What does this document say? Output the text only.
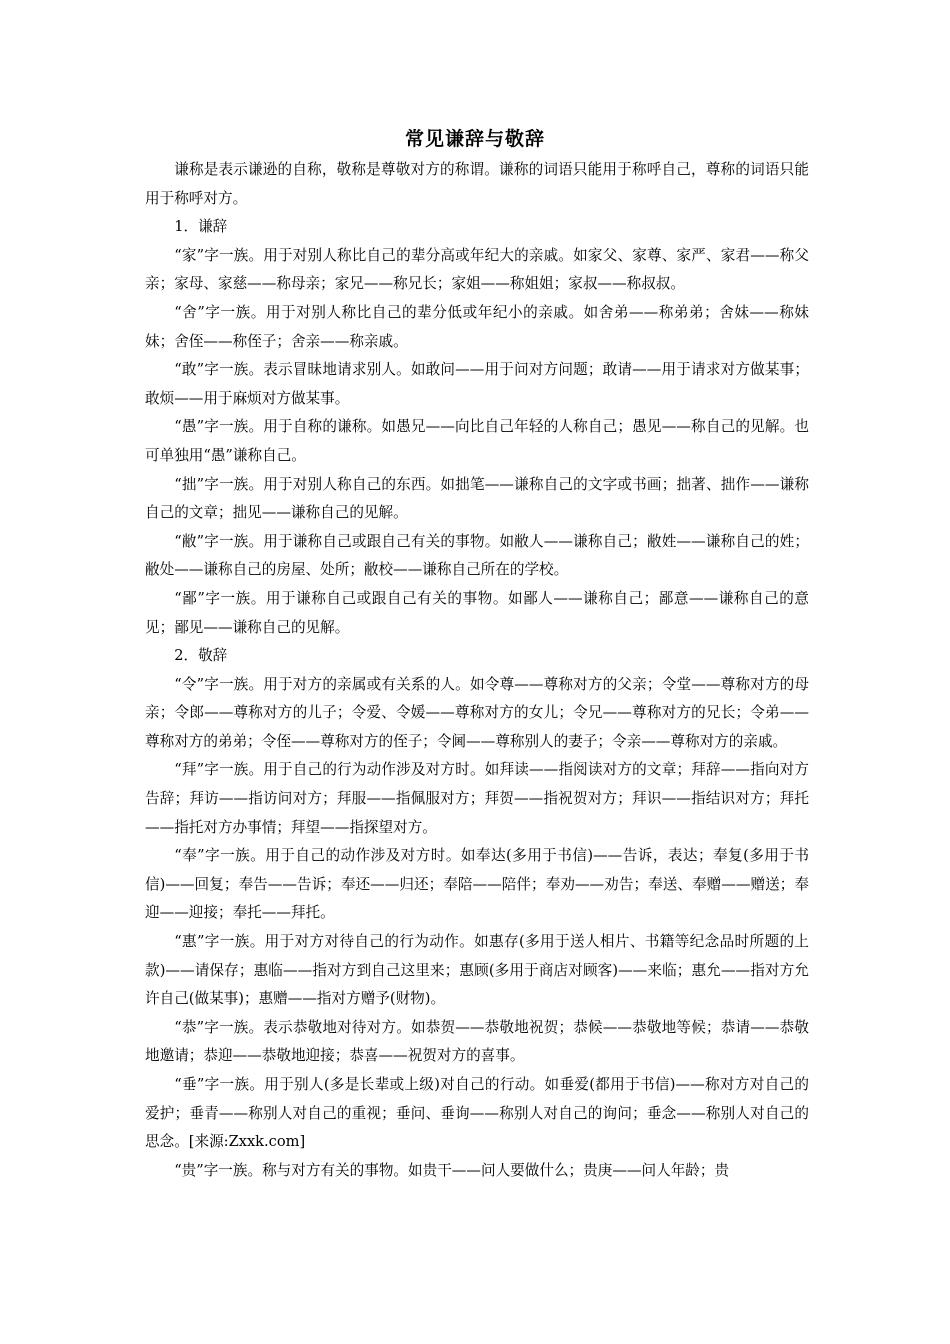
常见谦辞与敬辞

谦称是表示谦逊的自称，敬称是尊敬对方的称谓。谦称的词语只能用于称呼自己，尊称的词语只能用于称呼对方。

1．谦辞

“家”字一族。用于对别人称比自己的辈分高或年纪大的亲戚。如家父、家尊、家严、家君——称父亲；家母、家慈——称母亲；家兄——称兄长；家姐——称姐姐；家叔——称叔叔。

“舍”字一族。用于对别人称比自己的辈分低或年纪小的亲戚。如舍弟——称弟弟；舍妹——称妹妹；舍侄——称侄子；舍亲——称亲戚。

“敢”字一族。表示冒昧地请求别人。如敢问——用于问对方问题；敢请——用于请求对方做某事；敢烦——用于麻烦对方做某事。

“愚”字一族。用于自称的谦称。如愚兄——向比自己年轻的人称自己；愚见——称自己的见解。也可单独用“愚”谦称自己。

“拙”字一族。用于对别人称自己的东西。如拙笔——谦称自己的文字或书画；拙著、拙作——谦称自己的文章；拙见——谦称自己的见解。

“敝”字一族。用于谦称自己或跟自己有关的事物。如敝人——谦称自己；敝姓——谦称自己的姓；敝处——谦称自己的房屋、处所；敝校——谦称自己所在的学校。

“鄙”字一族。用于谦称自己或跟自己有关的事物。如鄙人——谦称自己；鄙意——谦称自己的意见；鄙见——谦称自己的见解。

2．敬辞

“令”字一族。用于对方的亲属或有关系的人。如令尊——尊称对方的父亲；令堂——尊称对方的母亲；令郎——尊称对方的儿子；令爱、令媛——尊称对方的女儿；令兄——尊称对方的兄长；令弟——尊称对方的弟弟；令侄——尊称对方的侄子；令阃——尊称别人的妻子；令亲——尊称对方的亲戚。

“拜”字一族。用于自己的行为动作涉及对方时。如拜读——指阅读对方的文章；拜辞——指向对方告辞；拜访——指访问对方；拜服——指佩服对方；拜贺——指祝贺对方；拜识——指结识对方；拜托——指托对方办事情；拜望——指探望对方。

“奉”字一族。用于自己的动作涉及对方时。如奉达(多用于书信)——告诉，表达；奉复(多用于书信)——回复；奉告——告诉；奉还——归还；奉陪——陪伴；奉劝——劝告；奉送、奉赠——赠送；奉迎——迎接；奉托——拜托。

“惠”字一族。用于对方对待自己的行为动作。如惠存(多用于送人相片、书籍等纪念品时所题的上款)——请保存；惠临——指对方到自己这里来；惠顾(多用于商店对顾客)——来临；惠允——指对方允许自己(做某事)；惠赠——指对方赠予(财物)。

“恭”字一族。表示恭敬地对待对方。如恭贺——恭敬地祝贺；恭候——恭敬地等候；恭请——恭敬地邀请；恭迎——恭敬地迎接；恭喜——祝贺对方的喜事。

“垂”字一族。用于别人(多是长辈或上级)对自己的行动。如垂爱(都用于书信)——称对方对自己的爱护；垂青——称别人对自己的重视；垂问、垂询——称别人对自己的询问；垂念——称别人对自己的思念。[来源:Zxxk.com]

“贵”字一族。称与对方有关的事物。如贵干——问人要做什么；贵庚——问人年龄；贵
